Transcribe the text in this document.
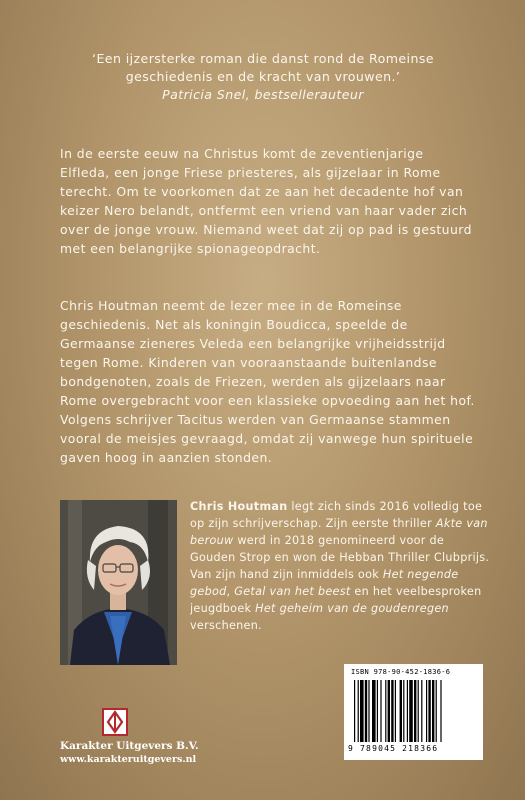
‘Een ijzersterke roman die danst rond de Romeinse
geschiedenis en de kracht van vrouwen.’
Patricia Snel, bestsellerauteur

In de eerste eeuw na Christus komt de zeventienjarige Elfleda, een jonge Friese priesteres, als gijzelaar in Rome terecht. Om te voorkomen dat ze aan het decadente hof van keizer Nero belandt, ontfermt een vriend van haar vader zich over de jonge vrouw. Niemand weet dat zij op pad is gestuurd met een belangrijke spionageopdracht.

Chris Houtman neemt de lezer mee in de Romeinse geschiedenis. Net als koningin Boudicca, speelde de Germaanse zieneres Veleda een belangrijke vrijheidsstrijd tegen Rome. Kinderen van vooraanstaande buitenlandse bondgenoten, zoals de Friezen, werden als gijzelaars naar Rome overgebracht voor een klassieke opvoeding aan het hof. Volgens schrijver Tacitus werden van Germaanse stammen vooral de meisjes gevraagd, omdat zij vanwege hun spirituele gaven hoog in aanzien stonden.

Chris Houtman legt zich sinds 2016 volledig toe op zijn schrijverschap. Zijn eerste thriller Akte van berouw werd in 2018 genomineerd voor de Gouden Strop en won de Hebban Thriller Clubprijs. Van zijn hand zijn inmiddels ook Het negende gebod, Getal van het beest en het veelbesproken jeugdboek Het geheim van de goudenregen verschenen.

Karakter Uitgevers B.V.
www.karakteruitgevers.nl
ISBN 978-90-452-1836-6
9 789045 218366
